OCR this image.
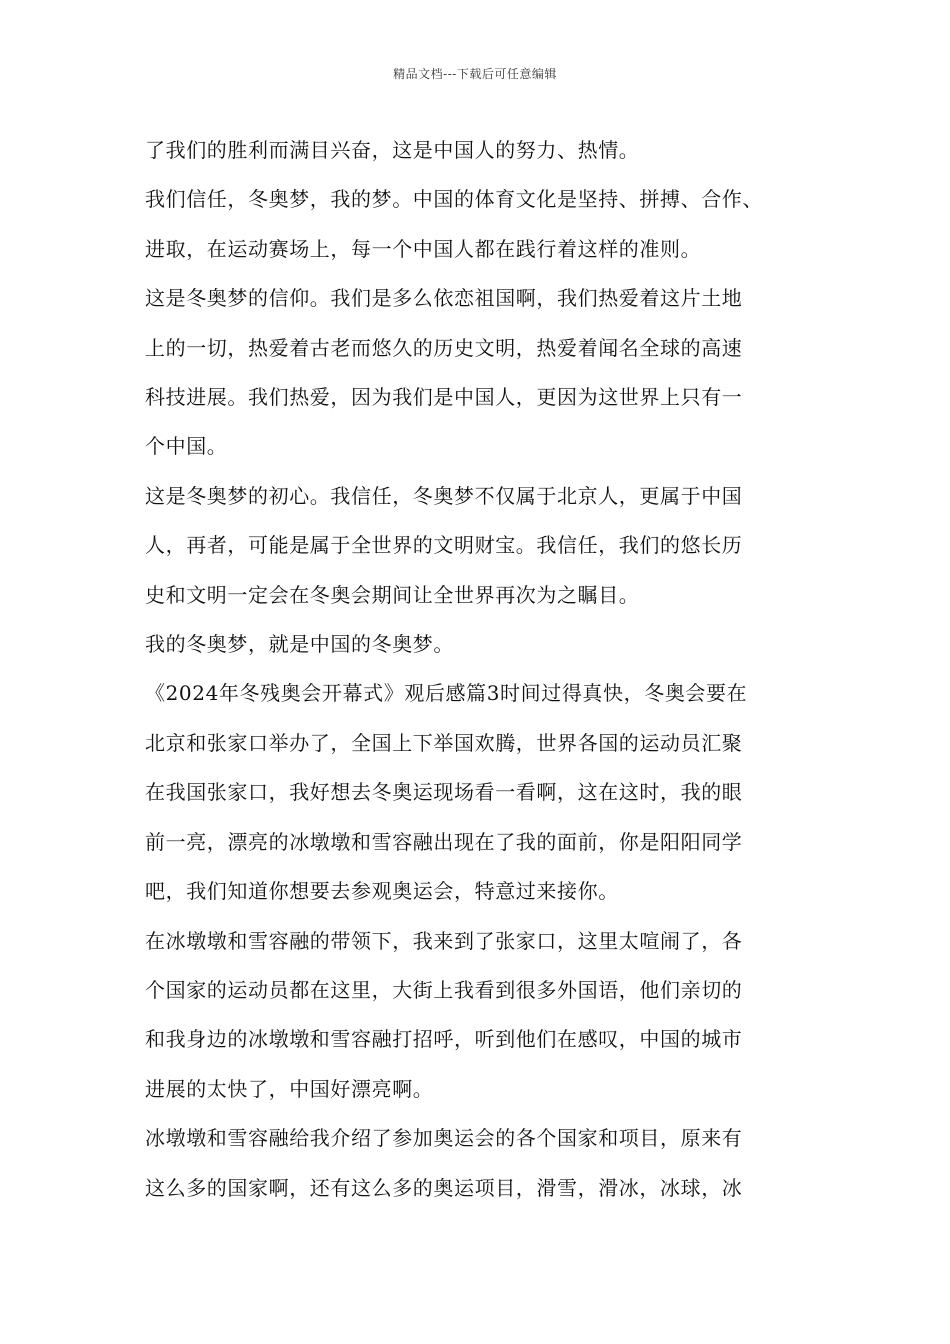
精品文档---下载后可任意编辑

了我们的胜利而满目兴奋，这是中国人的努力、热情。

我们信任，冬奥梦，我的梦。中国的体育文化是坚持、拼搏、合作、
进取，在运动赛场上，每一个中国人都在践行着这样的准则。

这是冬奥梦的信仰。我们是多么依恋祖国啊，我们热爱着这片土地
上的一切，热爱着古老而悠久的历史文明，热爱着闻名全球的高速
科技进展。我们热爱，因为我们是中国人，更因为这世界上只有一
个中国。

这是冬奥梦的初心。我信任，冬奥梦不仅属于北京人，更属于中国
人，再者，可能是属于全世界的文明财宝。我信任，我们的悠长历
史和文明一定会在冬奥会期间让全世界再次为之瞩目。

我的冬奥梦，就是中国的冬奥梦。

《2024年冬残奥会开幕式》观后感篇3时间过得真快，冬奥会要在
北京和张家口举办了，全国上下举国欢腾，世界各国的运动员汇聚
在我国张家口，我好想去冬奥运现场看一看啊，这在这时，我的眼
前一亮，漂亮的冰墩墩和雪容融出现在了我的面前，你是阳阳同学
吧，我们知道你想要去参观奥运会，特意过来接你。

在冰墩墩和雪容融的带领下，我来到了张家口，这里太喧闹了，各
个国家的运动员都在这里，大街上我看到很多外国语，他们亲切的
和我身边的冰墩墩和雪容融打招呼，听到他们在感叹，中国的城市
进展的太快了，中国好漂亮啊。

冰墩墩和雪容融给我介绍了参加奥运会的各个国家和项目，原来有
这么多的国家啊，还有这么多的奥运项目，滑雪，滑冰，冰球，冰
